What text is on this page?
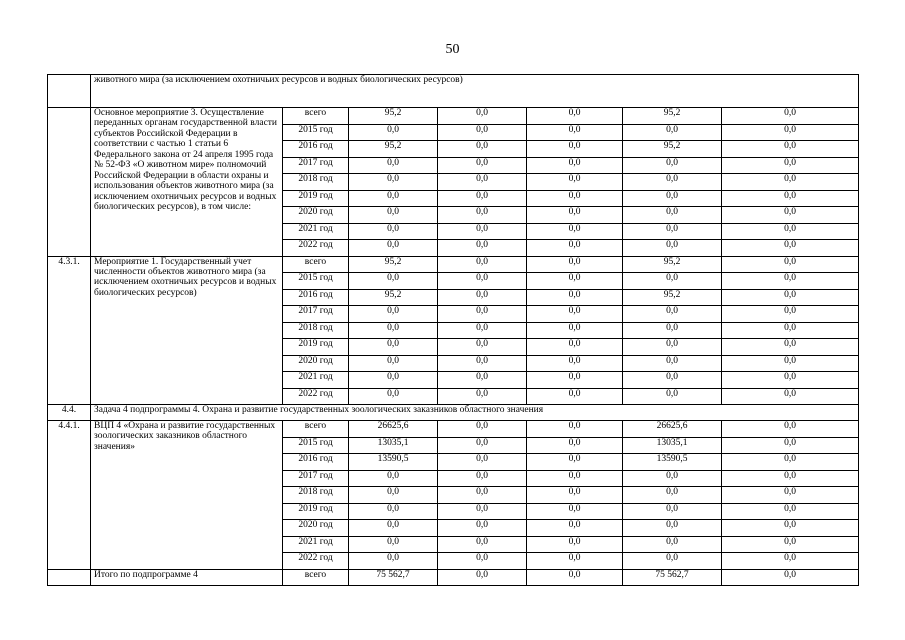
50
	животного мира (за исключением охотничьих ресурсов и водных биологических ресурсов)						
	Основное мероприятие 3. Осуществление переданных органам государственной власти субъектов Российской Федерации в соответствии с частью 1 статьи 6 Федерального закона от 24 апреля 1995 года № 52-ФЗ «О животном мире» полномочий Российской Федерации в области охраны и использования объектов животного мира (за исключением охотничьих ресурсов и водных биологических ресурсов), в том числе:	всего	95,2	0,0	0,0	95,2	0,0
		2015 год	0,0	0,0	0,0	0,0	0,0
		2016 год	95,2	0,0	0,0	95,2	0,0
		2017 год	0,0	0,0	0,0	0,0	0,0
		2018 год	0,0	0,0	0,0	0,0	0,0
		2019 год	0,0	0,0	0,0	0,0	0,0
		2020 год	0,0	0,0	0,0	0,0	0,0
		2021 год	0,0	0,0	0,0	0,0	0,0
		2022 год	0,0	0,0	0,0	0,0	0,0
4.3.1.	Мероприятие 1. Государственный учет численности объектов животного мира (за исключением охотничьих ресурсов и водных биологических ресурсов)	всего	95,2	0,0	0,0	95,2	0,0
		2015 год	0,0	0,0	0,0	0,0	0,0
		2016 год	95,2	0,0	0,0	95,2	0,0
		2017 год	0,0	0,0	0,0	0,0	0,0
		2018 год	0,0	0,0	0,0	0,0	0,0
		2019 год	0,0	0,0	0,0	0,0	0,0
		2020 год	0,0	0,0	0,0	0,0	0,0
		2021 год	0,0	0,0	0,0	0,0	0,0
		2022 год	0,0	0,0	0,0	0,0	0,0
4.4.	Задача 4 подпрограммы 4. Охрана и развитие государственных зоологических заказников областного значения						
4.4.1.	ВЦП 4 «Охрана и развитие государственных зоологических заказников областного значения»	всего	26625,6	0,0	0,0	26625,6	0,0
		2015 год	13035,1	0,0	0,0	13035,1	0,0
		2016 год	13590,5	0,0	0,0	13590,5	0,0
		2017 год	0,0	0,0	0,0	0,0	0,0
		2018 год	0,0	0,0	0,0	0,0	0,0
		2019 год	0,0	0,0	0,0	0,0	0,0
		2020 год	0,0	0,0	0,0	0,0	0,0
		2021 год	0,0	0,0	0,0	0,0	0,0
		2022 год	0,0	0,0	0,0	0,0	0,0
	Итого по подпрограмме 4	всего	75 562,7	0,0	0,0	75 562,7	0,0
